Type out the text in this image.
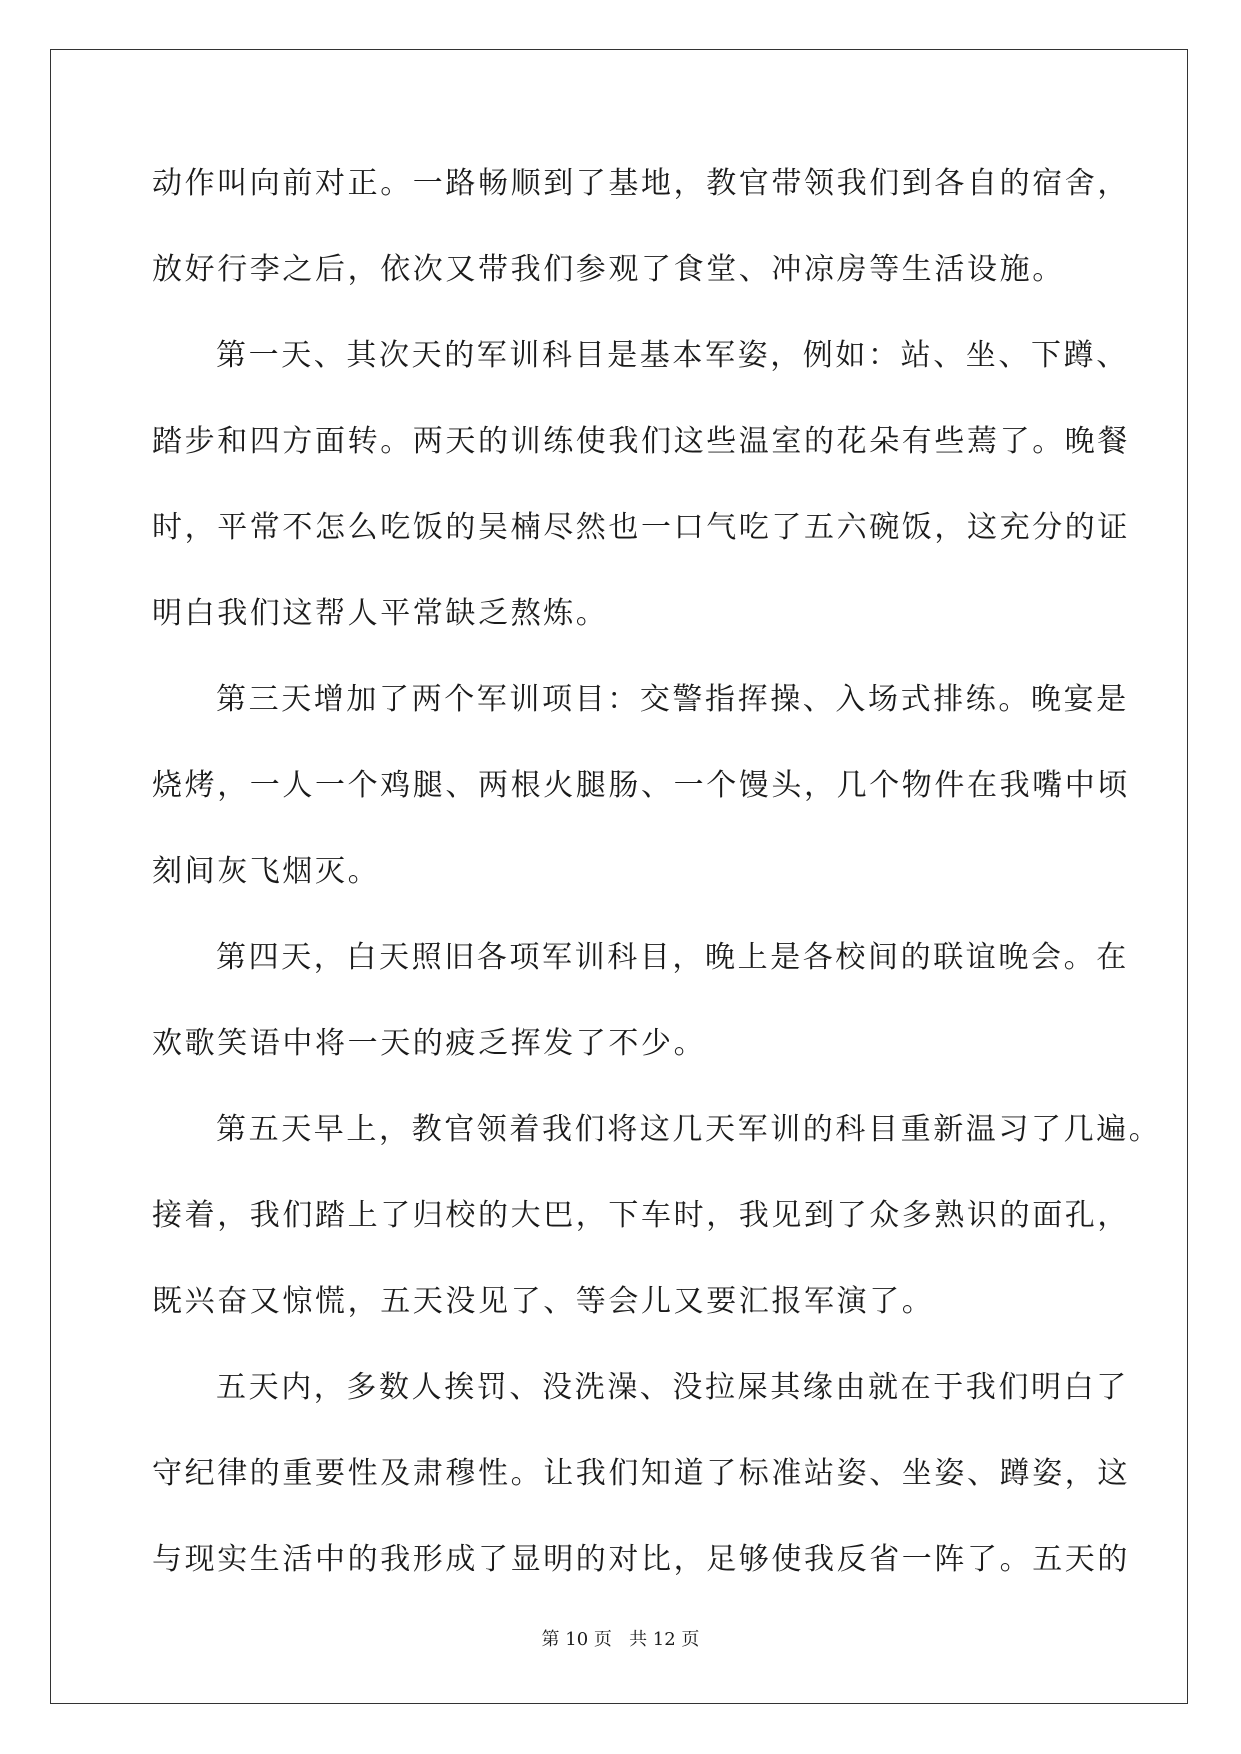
动作叫向前对正。一路畅顺到了基地，教官带领我们到各自的宿舍，
放好行李之后，依次又带我们参观了食堂、冲凉房等生活设施。
第一天、其次天的军训科目是基本军姿，例如：站、坐、下蹲、
踏步和四方面转。两天的训练使我们这些温室的花朵有些蔫了。晚餐
时，平常不怎么吃饭的吴楠尽然也一口气吃了五六碗饭，这充分的证
明白我们这帮人平常缺乏熬炼。
第三天增加了两个军训项目：交警指挥操、入场式排练。晚宴是
烧烤，一人一个鸡腿、两根火腿肠、一个馒头，几个物件在我嘴中顷
刻间灰飞烟灭。
第四天，白天照旧各项军训科目，晚上是各校间的联谊晚会。在
欢歌笑语中将一天的疲乏挥发了不少。
第五天早上，教官领着我们将这几天军训的科目重新温习了几遍。
接着，我们踏上了归校的大巴，下车时，我见到了众多熟识的面孔，
既兴奋又惊慌，五天没见了、等会儿又要汇报军演了。
五天内，多数人挨罚、没洗澡、没拉屎其缘由就在于我们明白了
守纪律的重要性及肃穆性。让我们知道了标准站姿、坐姿、蹲姿，这
与现实生活中的我形成了显明的对比，足够使我反省一阵了。五天的
第 10 页 共 12 页
